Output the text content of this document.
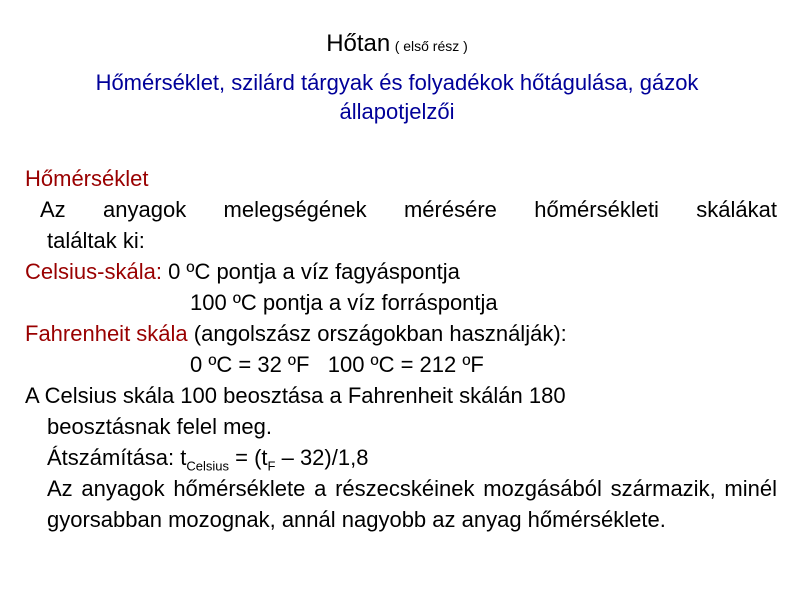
Hőtan ( első rész )
Hőmérséklet, szilárd tárgyak és folyadékok hőtágulása, gázok
állapotjelzői
Hőmérséklet
Az anyagok melegségének mérésére hőmérsékleti skálákat
találtak ki:
Celsius-skála: 0 ºC pontja a víz fagyáspontja
100 ºC pontja a víz forráspontja
Fahrenheit skála (angolszász országokban használják):
0 ºC = 32 ºF   100 ºC = 212 ºF
A Celsius skála 100 beosztása a Fahrenheit skálán 180
beosztásnak felel meg.
Átszámítása: $t_{Celsius} = (t_F - 32)/1,8$
Az anyagok hőmérséklete a részecskéinek mozgásából származik, minél gyorsabban mozognak, annál nagyobb az anyag hőmérséklete.
